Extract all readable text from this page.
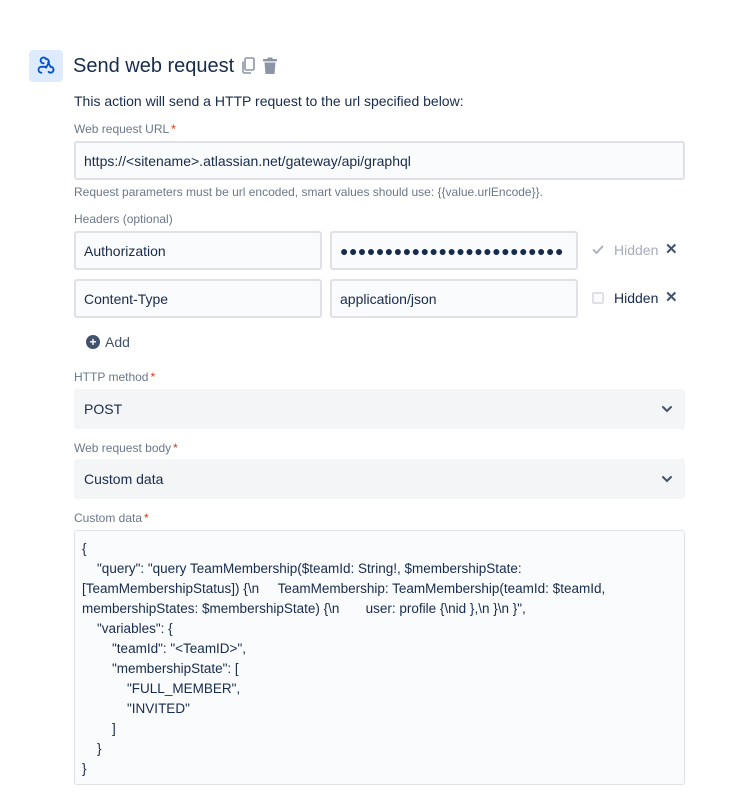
Send web request
This action will send a HTTP request to the url specified below:
Web request URL *
https://<sitename>.atlassian.net/gateway/api/graphql
Request parameters must be url encoded, smart values should use: {{value.urlEncode}}.
Headers (optional)
Authorization	●●●●●●●●●●●●●●●●●●●●●●●●●	Hidden ✕
Content-Type	application/json	Hidden ✕
+ Add
HTTP method *
POST
Web request body *
Custom data
Custom data *
{
"query": "query TeamMembership($teamId: String!, $membershipState: [TeamMembershipStatus]) {\n     TeamMembership: TeamMembership(teamId: $teamId, membershipStates: $membershipState) {\n       user: profile {\nid },\n }\n }",
"variables": {
"teamId": "<TeamID>",
"membershipState": [
"FULL_MEMBER",
"INVITED"
]
}
}
